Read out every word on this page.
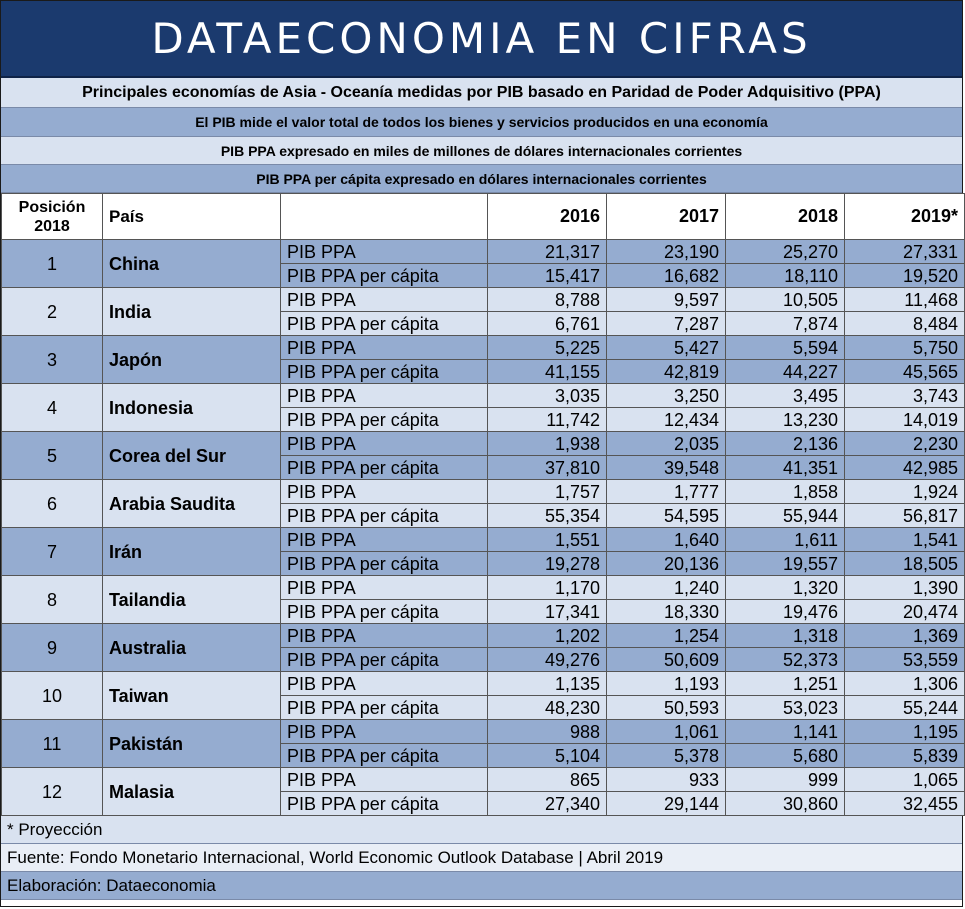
DATAECONOMIA EN CIFRAS
Principales economías de Asia - Oceanía medidas por PIB basado en Paridad de Poder Adquisitivo (PPA)
El PIB mide el valor total de todos los bienes y servicios producidos en una economía
PIB PPA expresado en miles de millones de dólares internacionales corrientes
PIB PPA per cápita expresado en dólares internacionales corrientes
Posición
2018	País		2016	2017	2018	2019*
1	China	PIB PPA	21,317	23,190	25,270	27,331
		PIB PPA per cápita	15,417	16,682	18,110	19,520
2	India	PIB PPA	8,788	9,597	10,505	11,468
		PIB PPA per cápita	6,761	7,287	7,874	8,484
3	Japón	PIB PPA	5,225	5,427	5,594	5,750
		PIB PPA per cápita	41,155	42,819	44,227	45,565
4	Indonesia	PIB PPA	3,035	3,250	3,495	3,743
		PIB PPA per cápita	11,742	12,434	13,230	14,019
5	Corea del Sur	PIB PPA	1,938	2,035	2,136	2,230
		PIB PPA per cápita	37,810	39,548	41,351	42,985
6	Arabia Saudita	PIB PPA	1,757	1,777	1,858	1,924
		PIB PPA per cápita	55,354	54,595	55,944	56,817
7	Irán	PIB PPA	1,551	1,640	1,611	1,541
		PIB PPA per cápita	19,278	20,136	19,557	18,505
8	Tailandia	PIB PPA	1,170	1,240	1,320	1,390
		PIB PPA per cápita	17,341	18,330	19,476	20,474
9	Australia	PIB PPA	1,202	1,254	1,318	1,369
		PIB PPA per cápita	49,276	50,609	52,373	53,559
10	Taiwan	PIB PPA	1,135	1,193	1,251	1,306
		PIB PPA per cápita	48,230	50,593	53,023	55,244
11	Pakistán	PIB PPA	988	1,061	1,141	1,195
		PIB PPA per cápita	5,104	5,378	5,680	5,839
12	Malasia	PIB PPA	865	933	999	1,065
		PIB PPA per cápita	27,340	29,144	30,860	32,455
* Proyección
Fuente: Fondo Monetario Internacional, World Economic Outlook Database | Abril 2019
Elaboración: Dataeconomia
